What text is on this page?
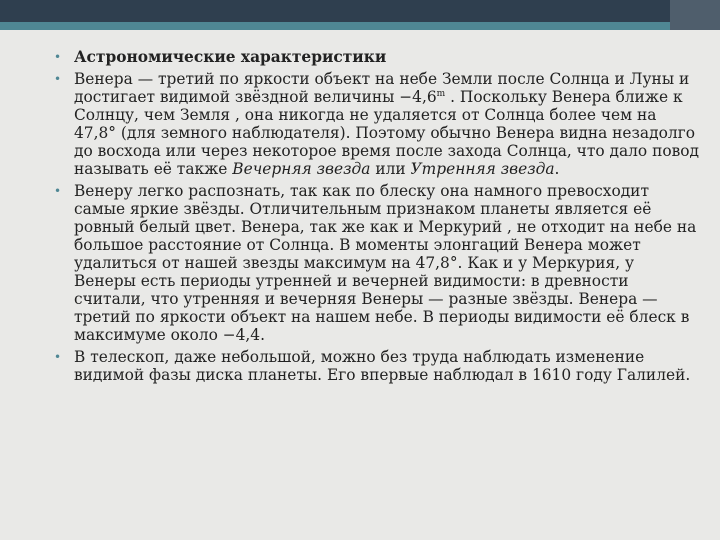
• Астрономические характеристики
• Венера — третий по яркости объект на небе Земли после Солнца и Луны и достигает видимой звёздной величины $-4,6^m$ . Поскольку Венера ближе к Солнцу, чем Земля , она никогда не удаляется от Солнца более чем на 47,8° (для земного наблюдателя). Поэтому обычно Венера видна незадолго до восхода или через некоторое время после захода Солнца, что дало повод называть её также Вечерняя звезда или Утренняя звезда.
• Венеру легко распознать, так как по блеску она намного превосходит самые яркие звёзды. Отличительным признаком планеты является её ровный белый цвет. Венера, так же как и Меркурий , не отходит на небе на большое расстояние от Солнца. В моменты элонгаций Венера может удалиться от нашей звезды максимум на 47,8°. Как и у Меркурия, у Венеры есть периоды утренней и вечерней видимости: в древности считали, что утренняя и вечерняя Венеры — разные звёзды. Венера — третий по яркости объект на нашем небе. В периоды видимости её блеск в максимуме около −4,4.
• В телескоп, даже небольшой, можно без труда наблюдать изменение видимой фазы диска планеты. Его впервые наблюдал в 1610 году Галилей.
